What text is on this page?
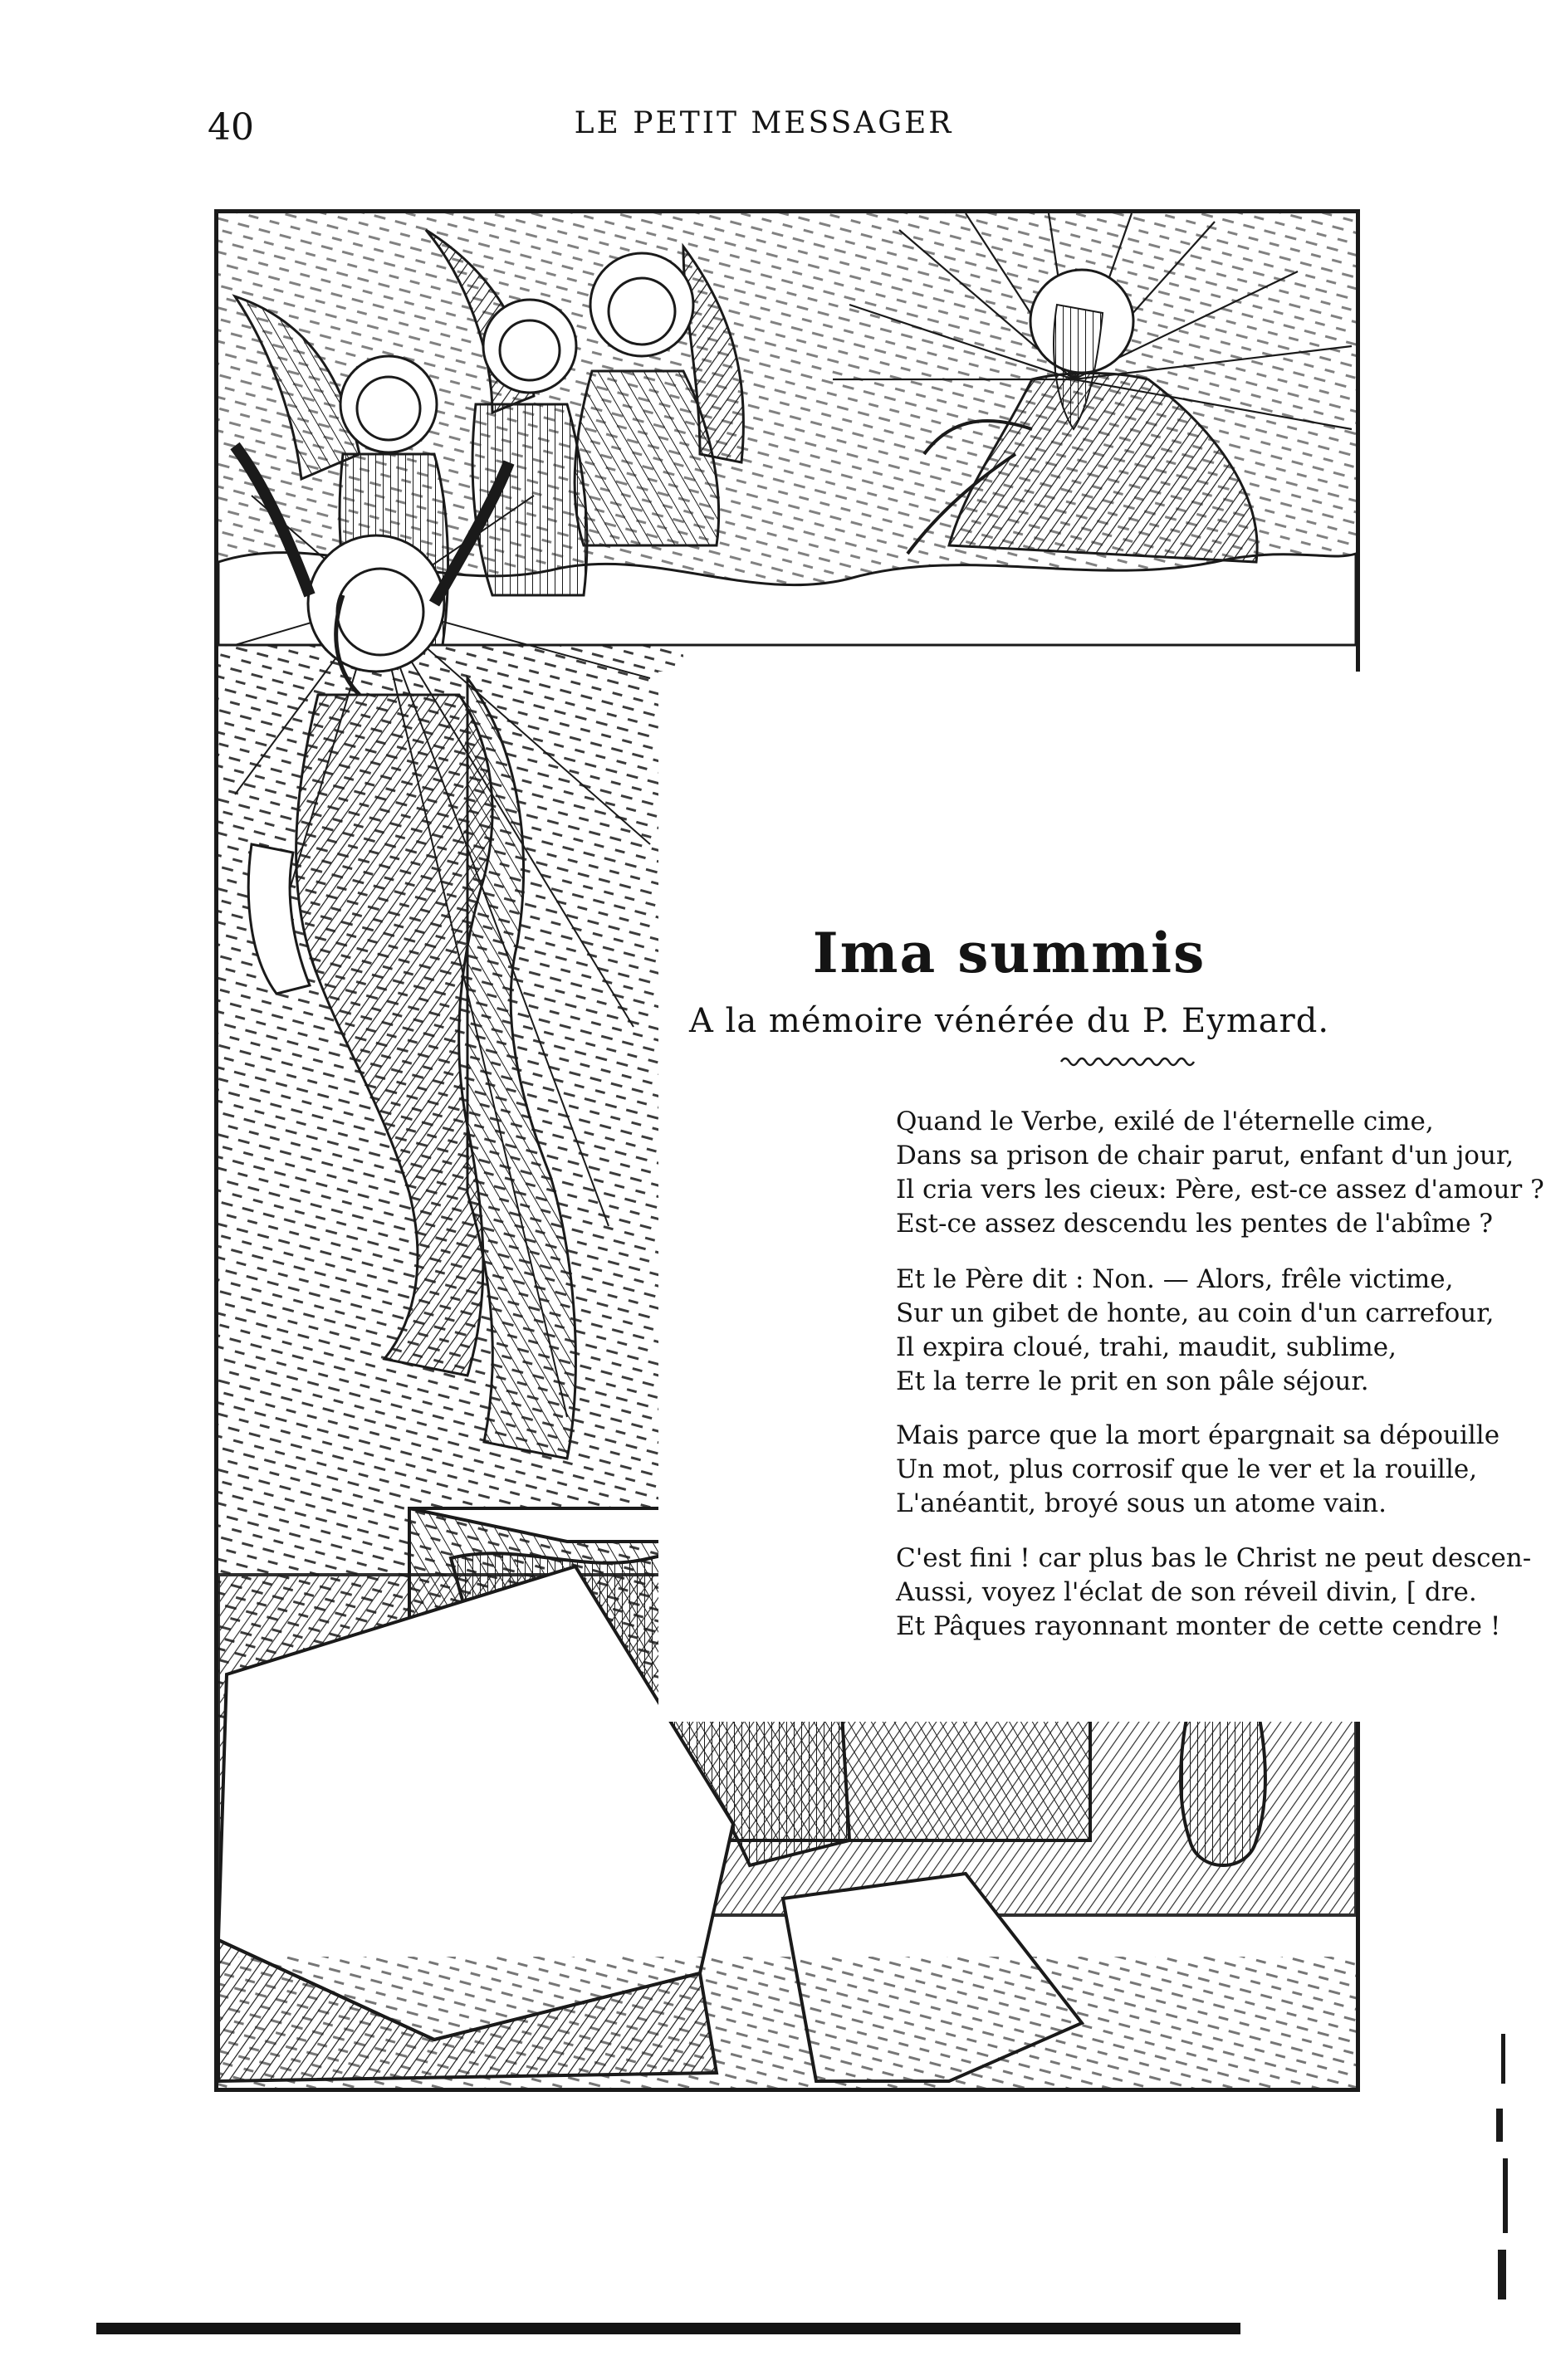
40	LE PETIT MESSAGER
Ima summis
A la mémoire vénérée du P. Eymard.
Quand le Verbe, exilé de l'éternelle cime,
Dans sa prison de chair parut, enfant d'un jour,
Il cria vers les cieux: Père, est-ce assez d'amour ?
Est-ce assez descendu les pentes de l'abîme ?
Et le Père dit : Non. — Alors, frêle victime,
Sur un gibet de honte, au coin d'un carrefour,
Il expira cloué, trahi, maudit, sublime,
Et la terre le prit en son pâle séjour.
Mais parce que la mort épargnait sa dépouille
Un mot, plus corrosif que le ver et la rouille,
L'anéantit, broyé sous un atome vain.
C'est fini ! car plus bas le Christ ne peut descen-
Aussi, voyez l'éclat de son réveil divin, [ dre.
Et Pâques rayonnant monter de cette cendre !
